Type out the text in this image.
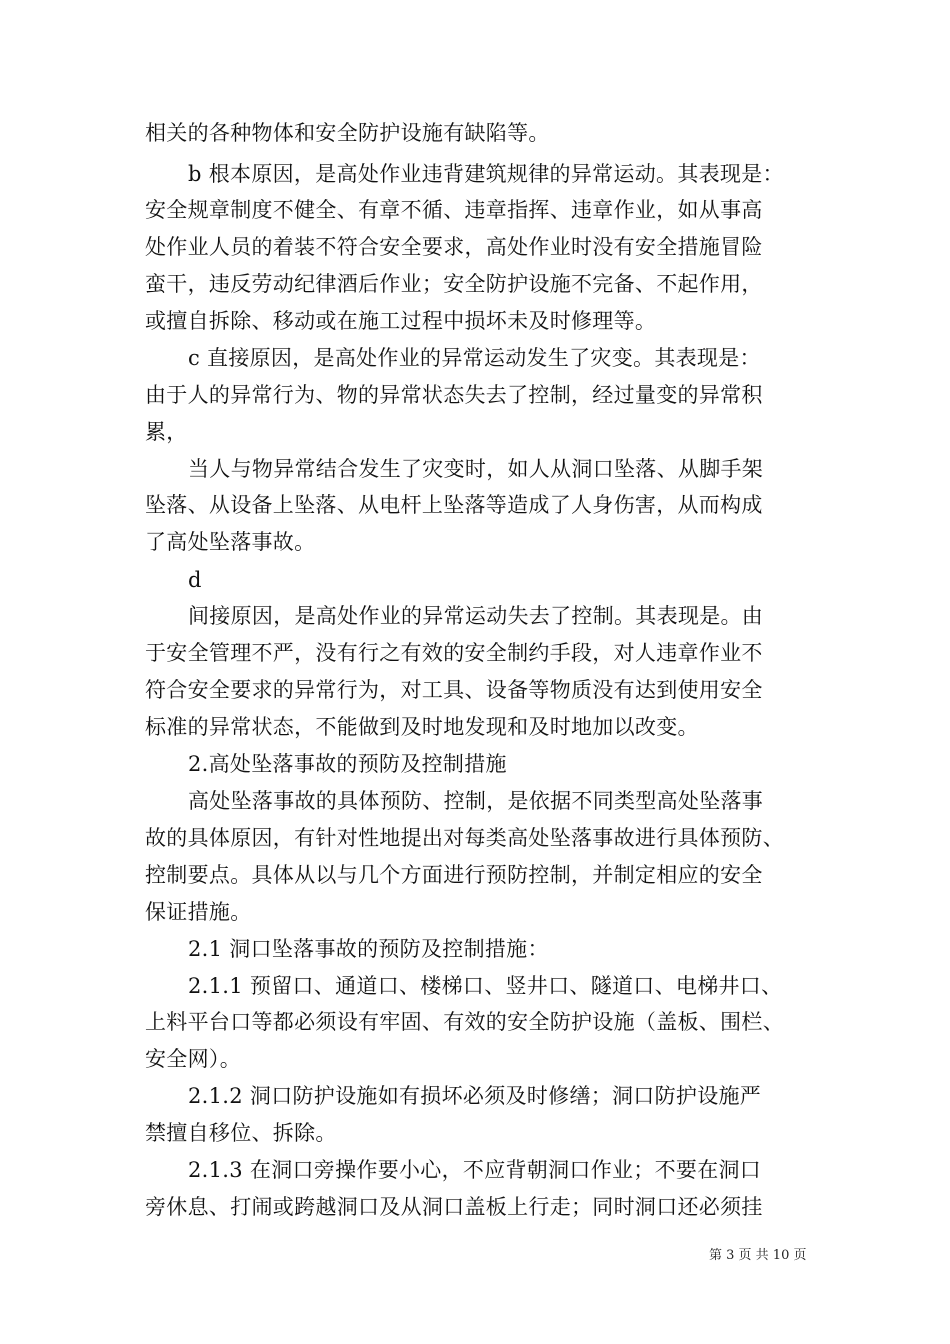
相关的各种物体和安全防护设施有缺陷等。
b 根本原因，是高处作业违背建筑规律的异常运动。其表现是：
安全规章制度不健全、有章不循、违章指挥、违章作业，如从事高
处作业人员的着装不符合安全要求，高处作业时没有安全措施冒险
蛮干，违反劳动纪律酒后作业；安全防护设施不完备、不起作用，
或擅自拆除、移动或在施工过程中损坏未及时修理等。
c 直接原因，是高处作业的异常运动发生了灾变。其表现是：
由于人的异常行为、物的异常状态失去了控制，经过量变的异常积
累，
当人与物异常结合发生了灾变时，如人从洞口坠落、从脚手架
坠落、从设备上坠落、从电杆上坠落等造成了人身伤害，从而构成
了高处坠落事故。
d
间接原因，是高处作业的异常运动失去了控制。其表现是。由
于安全管理不严，没有行之有效的安全制约手段，对人违章作业不
符合安全要求的异常行为，对工具、设备等物质没有达到使用安全
标准的异常状态，不能做到及时地发现和及时地加以改变。
2.高处坠落事故的预防及控制措施
高处坠落事故的具体预防、控制，是依据不同类型高处坠落事
故的具体原因，有针对性地提出对每类高处坠落事故进行具体预防、
控制要点。具体从以与几个方面进行预防控制，并制定相应的安全
保证措施。
2.1 洞口坠落事故的预防及控制措施：
2.1.1 预留口、通道口、楼梯口、竖井口、隧道口、电梯井口、
上料平台口等都必须设有牢固、有效的安全防护设施（盖板、围栏、
安全网）。
2.1.2 洞口防护设施如有损坏必须及时修缮；洞口防护设施严
禁擅自移位、拆除。
2.1.3 在洞口旁操作要小心，不应背朝洞口作业；不要在洞口
旁休息、打闹或跨越洞口及从洞口盖板上行走；同时洞口还必须挂
第 3 页 共 10 页
